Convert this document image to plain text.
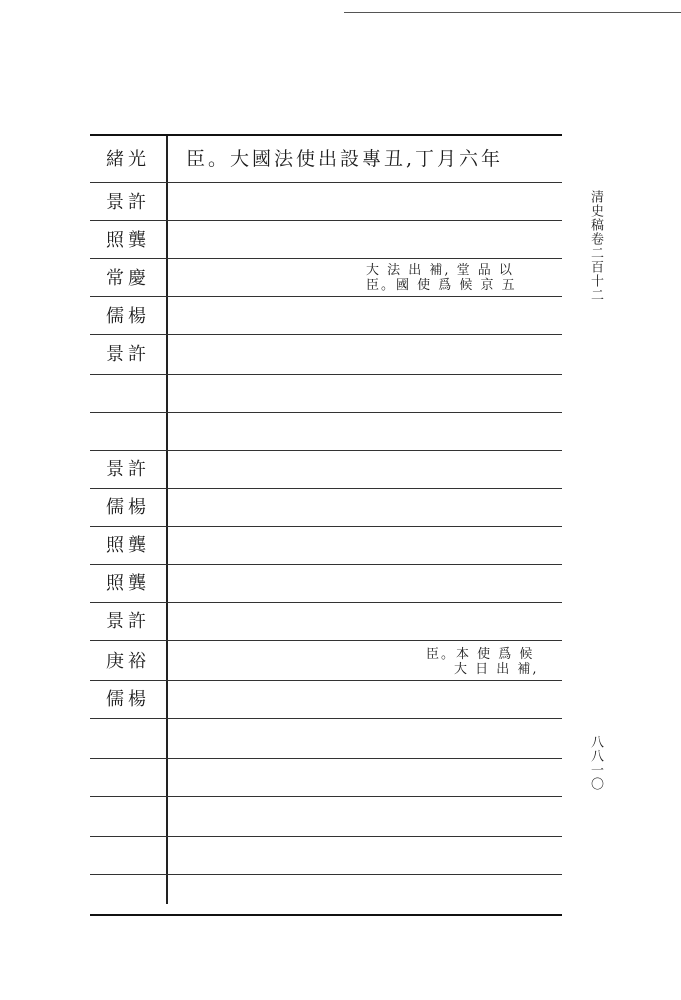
臣。大國法使出設專丑,丁月六年
緒光
景許
照龔
常慶
儒楊
景許
景許
儒楊
照龔
照龔
景許
庚裕
儒楊
大 法 出 補, 堂 品 以
臣。國 使 爲 候 京 五
臣。本 使 爲 候
大 日 出 補,
清史稿卷二百十二
八八一〇
